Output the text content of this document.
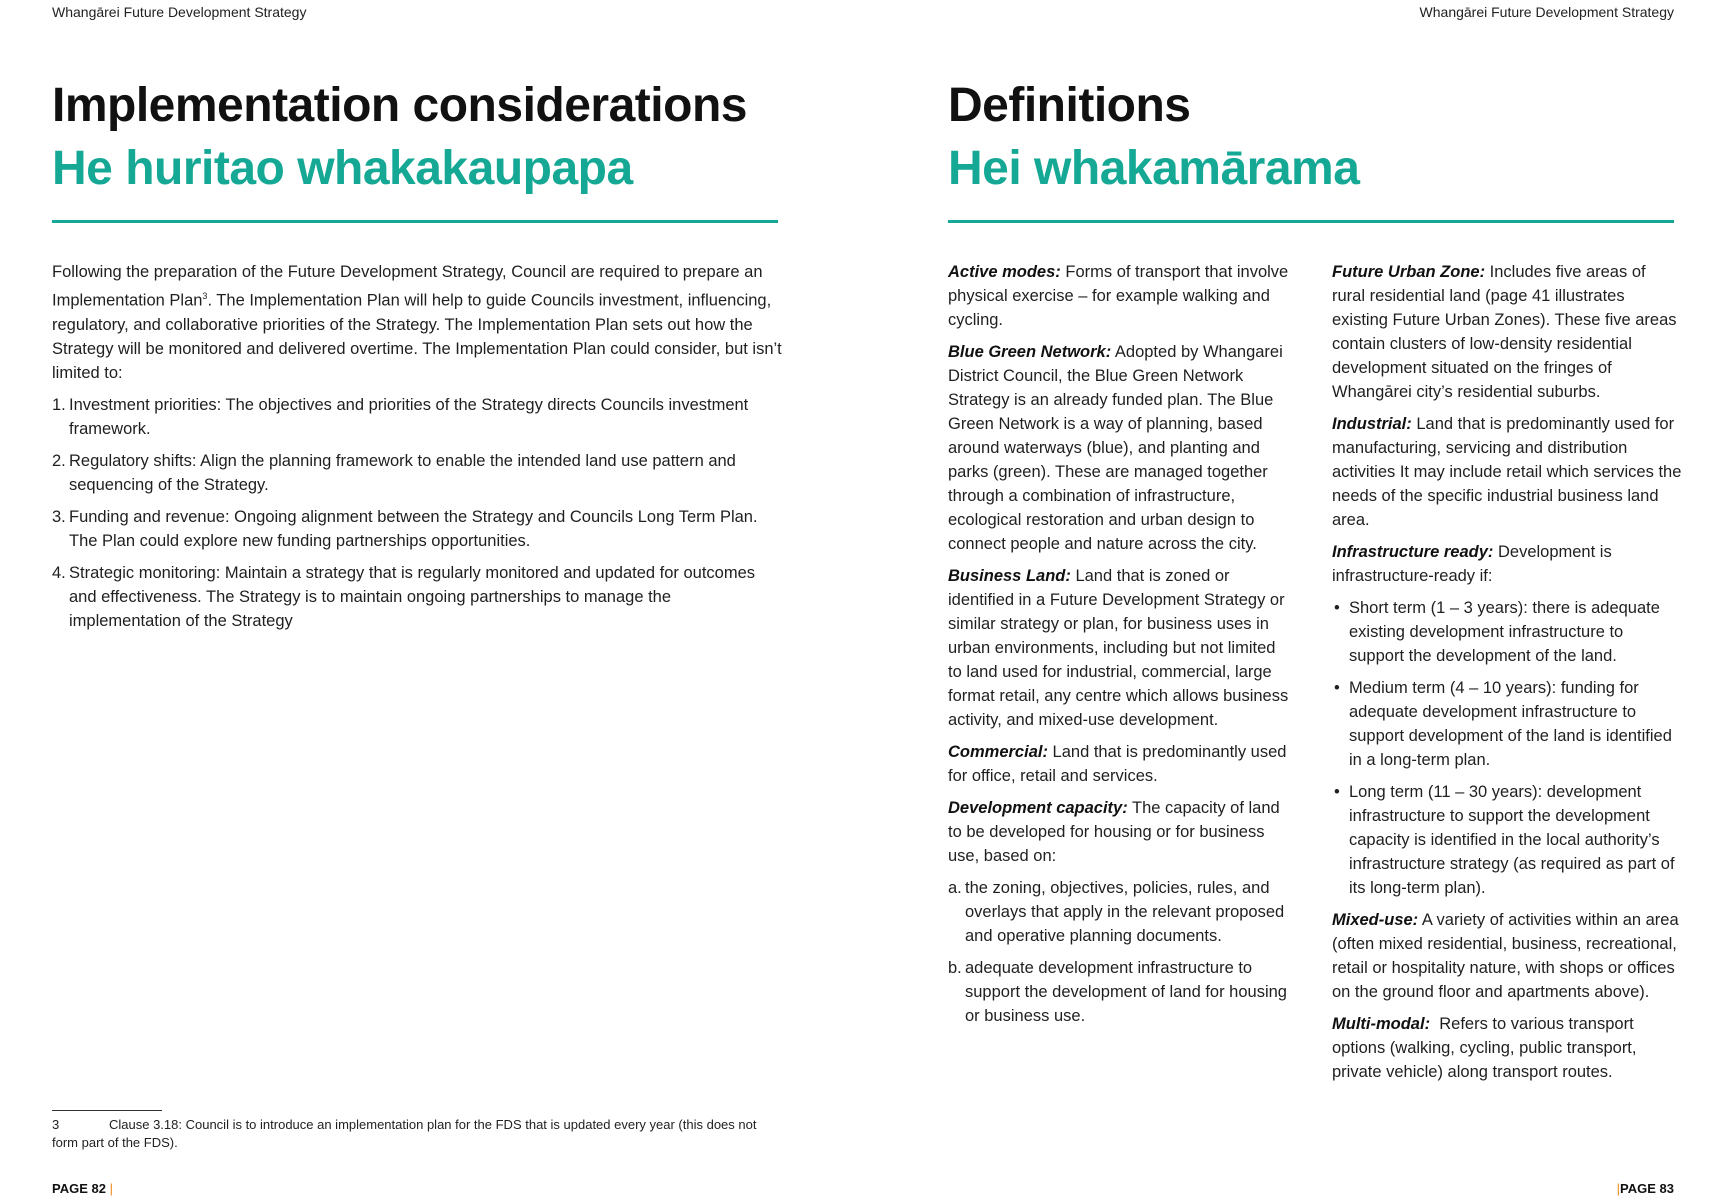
Whangārei Future Development Strategy
Implementation considerations
He huritao whakakaupapa

Following the preparation of the Future Development Strategy, Council are required to prepare an Implementation Plan$^3$. The Implementation Plan will help to guide Councils investment, influencing, regulatory, and collaborative priorities of the Strategy. The Implementation Plan sets out how the Strategy will be monitored and delivered overtime. The Implementation Plan could consider, but isn’t limited to:

1. Investment priorities: The objectives and priorities of the Strategy directs Councils investment framework.
2. Regulatory shifts: Align the planning framework to enable the intended land use pattern and sequencing of the Strategy.
3. Funding and revenue: Ongoing alignment between the Strategy and Councils Long Term Plan. The Plan could explore new funding partnerships opportunities.
4. Strategic monitoring: Maintain a strategy that is regularly monitored and updated for outcomes and effectiveness. The Strategy is to maintain ongoing partnerships to manage the implementation of the Strategy
3	Clause 3.18: Council is to introduce an implementation plan for the FDS that is updated every year (this does not form part of the FDS).
PAGE 82 |
Whangārei Future Development Strategy
Definitions
Hei whakamārama

Active modes: Forms of transport that involve physical exercise – for example walking and cycling.

Blue Green Network: Adopted by Whangarei District Council, the Blue Green Network Strategy is an already funded plan. The Blue Green Network is a way of planning, based around waterways (blue), and planting and parks (green). These are managed together through a combination of infrastructure, ecological restoration and urban design to connect people and nature across the city.

Business Land: Land that is zoned or identified in a Future Development Strategy or similar strategy or plan, for business uses in urban environments, including but not limited to land used for industrial, commercial, large format retail, any centre which allows business activity, and mixed-use development.

Commercial: Land that is predominantly used for office, retail and services.

Development capacity: The capacity of land to be developed for housing or for business use, based on:

a. the zoning, objectives, policies, rules, and overlays that apply in the relevant proposed and operative planning documents.
b. adequate development infrastructure to support the development of land for housing or business use.

Future Urban Zone: Includes five areas of rural residential land (page 41 illustrates existing Future Urban Zones). These five areas contain clusters of low-density residential development situated on the fringes of Whangārei city’s residential suburbs.

Industrial: Land that is predominantly used for manufacturing, servicing and distribution activities It may include retail which services the needs of the specific industrial business land area.

Infrastructure ready: Development is infrastructure-ready if:

• Short term (1 – 3 years): there is adequate existing development infrastructure to support the development of the land.
• Medium term (4 – 10 years): funding for adequate development infrastructure to support development of the land is identified in a long-term plan.
• Long term (11 – 30 years): development infrastructure to support the development capacity is identified in the local authority’s infrastructure strategy (as required as part of its long-term plan).

Mixed-use: A variety of activities within an area (often mixed residential, business, recreational, retail or hospitality nature, with shops or offices on the ground floor and apartments above).

Multi-modal:  Refers to various transport options (walking, cycling, public transport, private vehicle) along transport routes.

|PAGE 83
